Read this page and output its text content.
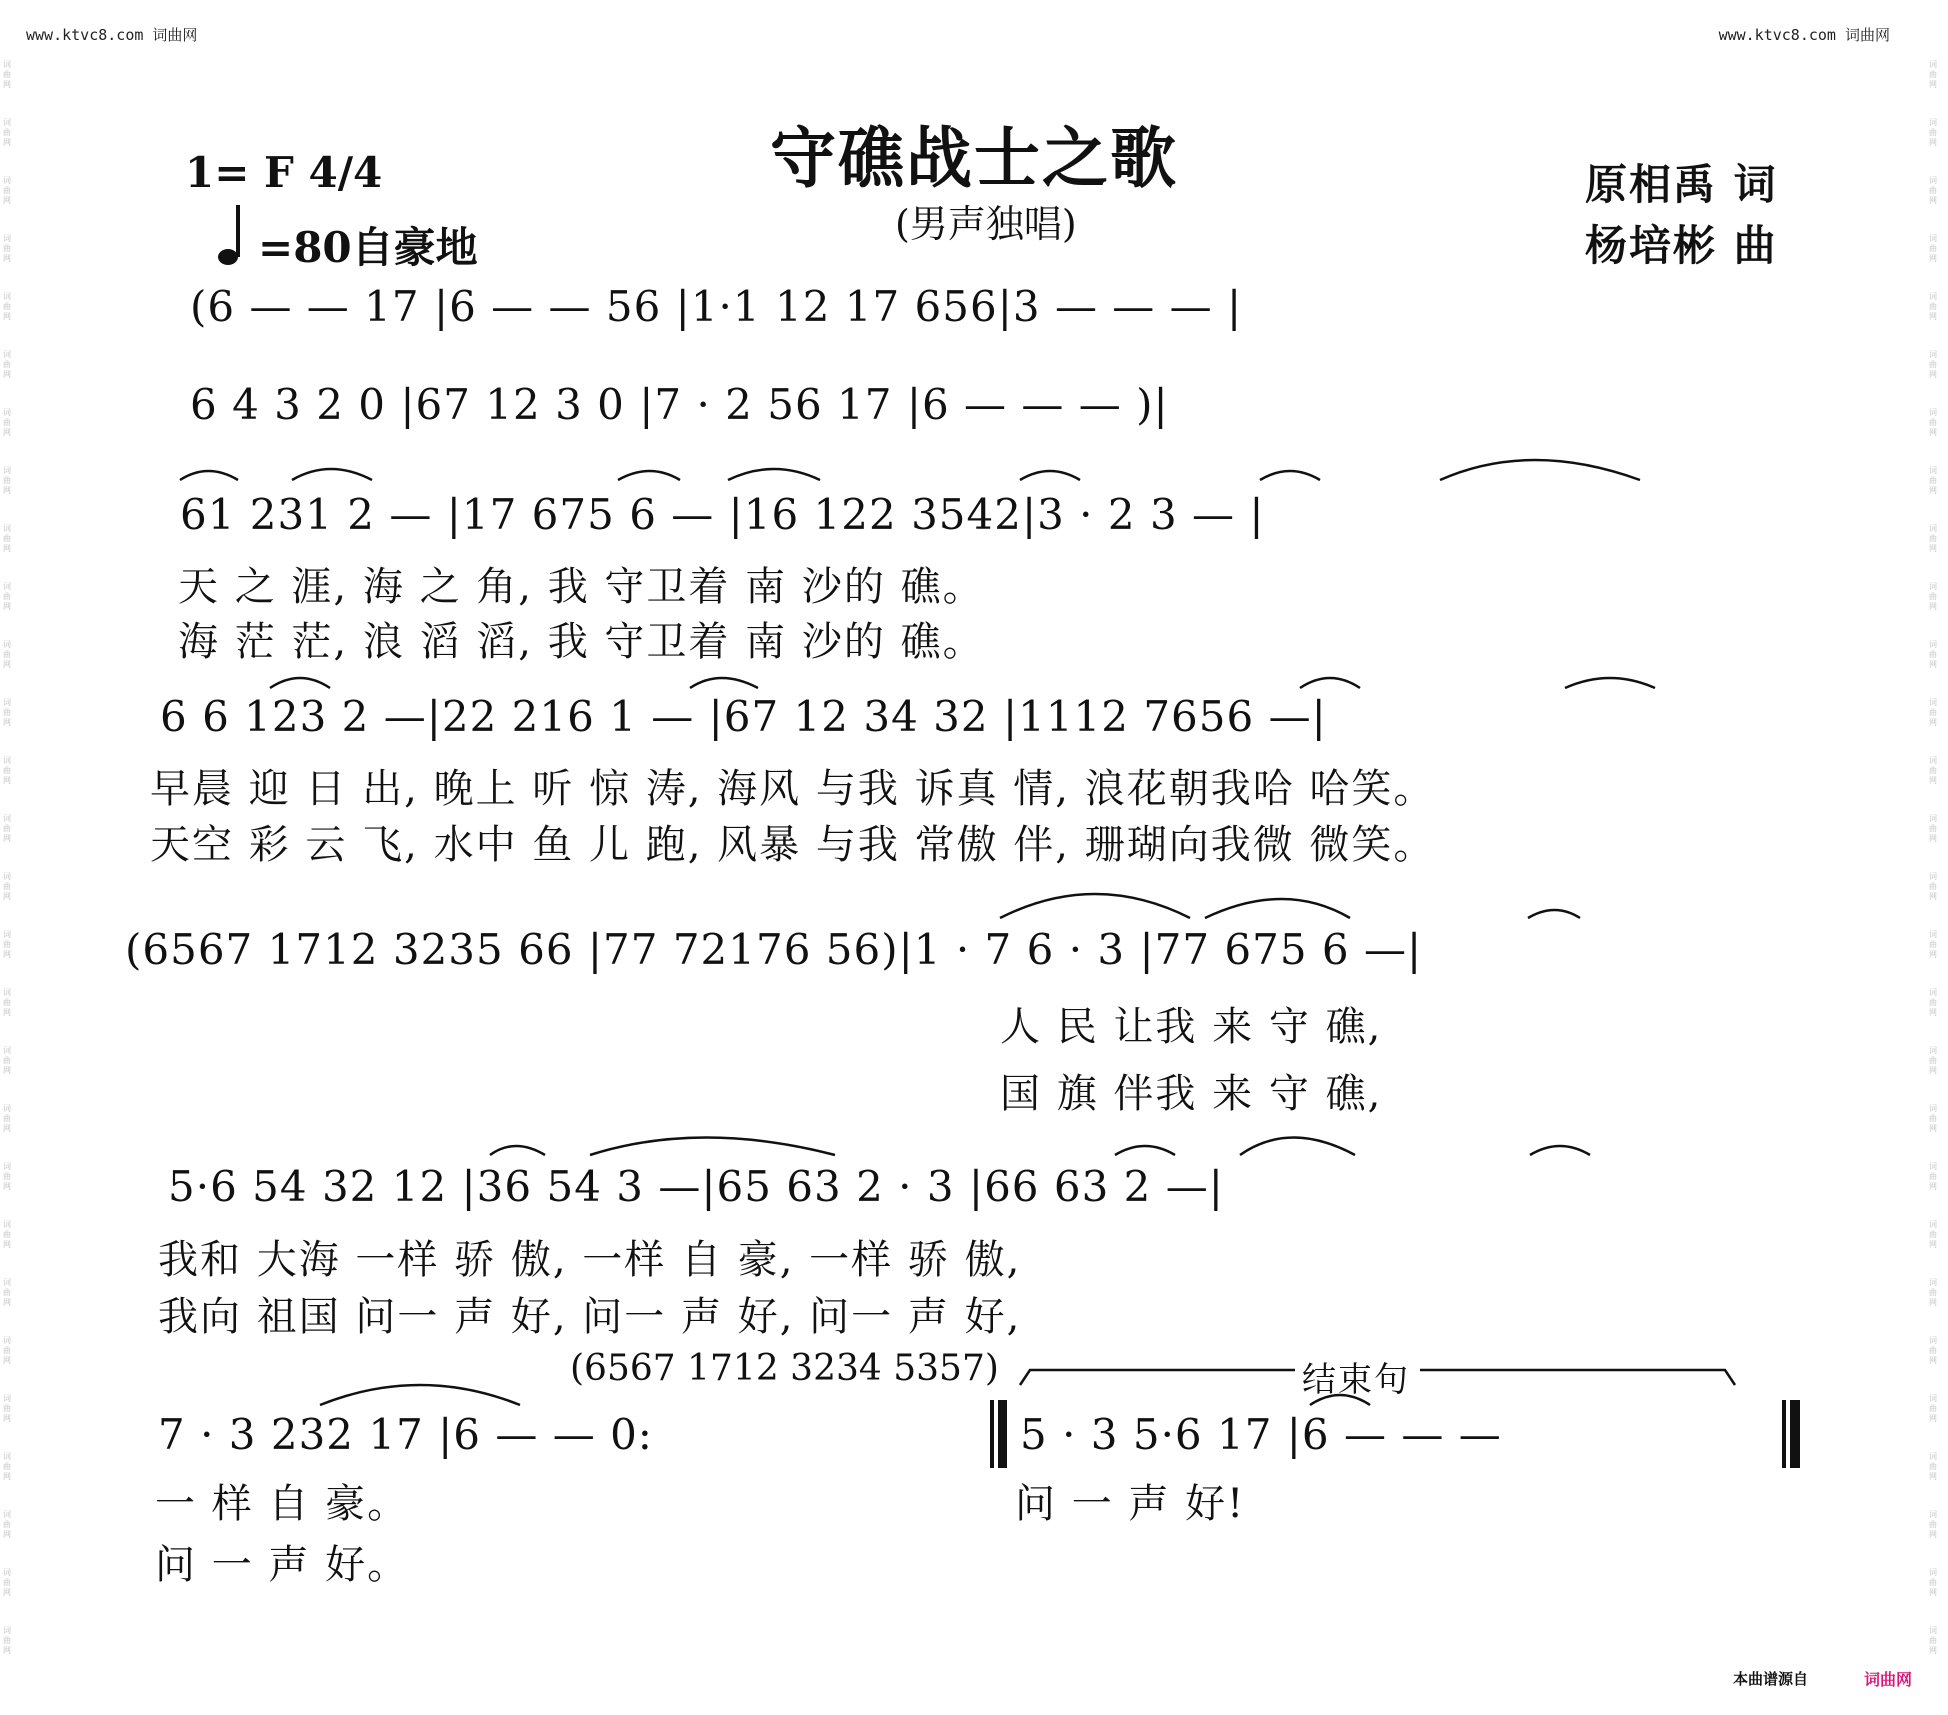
www.ktvc8.com 词曲网	www.ktvc8.com 词曲网
词
曲
网
词
曲
网
词
曲
网
词
曲
网
词
曲
网
词
曲
网
词
曲
网
词
曲
网
词
曲
网
词
曲
网
词
曲
网
词
曲
网
词
曲
网
词
曲
网
词
曲
网
词
曲
网
词
曲
网
词
曲
网
词
曲
网
词
曲
网
词
曲
网
词
曲
网
词
曲
网
词
曲
网
词
曲
网
词
曲
网
词
曲
网
词
曲
网
词
曲
网
词
曲
网
词
曲
网
词
曲
网
词
曲
网
词
曲
网
词
曲
网
词
曲
网
词
曲
网
词
曲
网
词
曲
网
词
曲
网
词
曲
网
词
曲
网
词
曲
网
词
曲
网
词
曲
网
词
曲
网
词
曲
网
词
曲
网
词
曲
网
词
曲
网
词
曲
网
词
曲
网
词
曲
网
词
曲
网
词
曲
网
词
曲
网
守礁战士之歌
(男声独唱)
1= F 4/4
=80自豪地
原相禹 词
杨培彬 曲
(6 — — 17 |6 — — 56 |1·1 12 17 656|3 — — — |
6 4 3 2 0 |67 12 3 0 |7 · 2 56 17 |6 — — — )|
61 231 2 — |17 675 6 — |16 122 3542|3 · 2 3 — |
天 之 涯, 海 之 角, 我 守卫着 南 沙的 礁。
海 茫 茫, 浪 滔 滔, 我 守卫着 南 沙的 礁。
6 6 123 2 —|22 216 1 — |67 12 34 32 |1112 7656 —|
早晨 迎 日 出, 晚上 听 惊 涛, 海风 与我 诉真 情, 浪花朝我哈 哈笑。
天空 彩 云 飞, 水中 鱼 儿 跑, 风暴 与我 常傲 伴, 珊瑚向我微 微笑。
(6567 1712 3235 66 |77 72176 56)|1 · 7 6 · 3 |77 675 6 —|
人 民 让我 来 守 礁,
国 旗 伴我 来 守 礁,
5·6 54 32 12 |36 54 3 —|65 63 2 · 3 |66 63 2 —|
我和 大海 一样 骄 傲, 一样 自 豪, 一样 骄 傲,
我向 祖国 问一 声 好, 问一 声 好, 问一 声 好,
(6567 1712 3234 5357)	结束句
7 · 3 232 17 |6 — — 0:	5 · 3 5·6 17 |6 — — —
一 样 自 豪。	问 一 声 好!
问 一 声 好。
本曲谱源自	词曲网
